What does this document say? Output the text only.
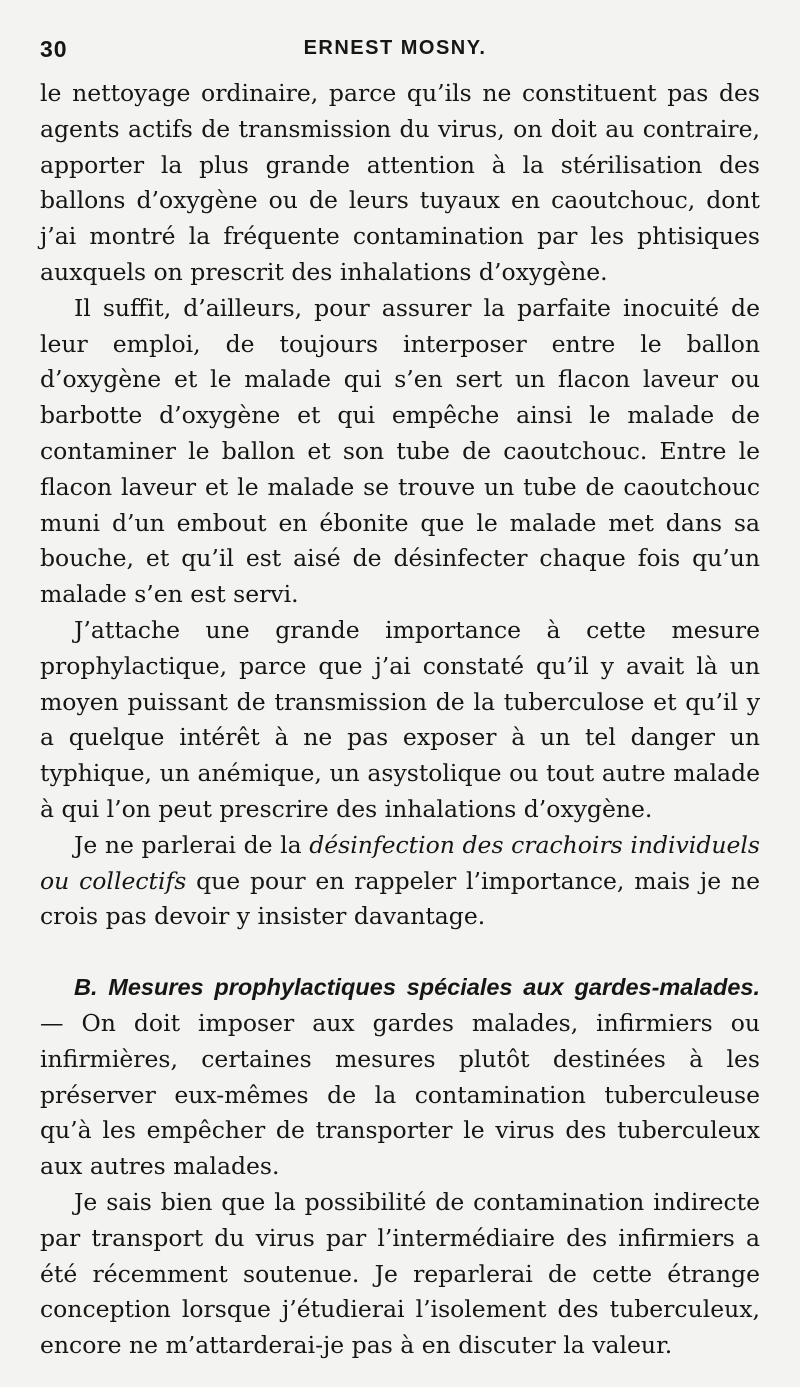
30	ERNEST MOSNY.

le nettoyage ordinaire, parce qu’ils ne constituent pas des agents actifs de transmission du virus, on doit au contraire, apporter la plus grande attention à la stérilisation des ballons d’oxygène ou de leurs tuyaux en caoutchouc, dont j’ai montré la fréquente contamination par les phtisiques auxquels on prescrit des inhalations d’oxygène.

Il suffit, d’ailleurs, pour assurer la parfaite inocuité de leur emploi, de toujours interposer entre le ballon d’oxygène et le malade qui s’en sert un flacon laveur ou barbotte d’oxygène et qui empêche ainsi le malade de contaminer le ballon et son tube de caoutchouc. Entre le flacon laveur et le malade se trouve un tube de caoutchouc muni d’un embout en ébonite que le malade met dans sa bouche, et qu’il est aisé de désinfecter chaque fois qu’un malade s’en est servi.

J’attache une grande importance à cette mesure prophylactique, parce que j’ai constaté qu’il y avait là un moyen puissant de transmission de la tuberculose et qu’il y a quelque intérêt à ne pas exposer à un tel danger un typhique, un anémique, un asystolique ou tout autre malade à qui l’on peut prescrire des inhalations d’oxygène.

Je ne parlerai de la désinfection des crachoirs individuels ou collectifs que pour en rappeler l’importance, mais je ne crois pas devoir y insister davantage.

B. Mesures prophylactiques spéciales aux gardes-malades. — On doit imposer aux gardes malades, infirmiers ou infirmières, certaines mesures plutôt destinées à les préserver eux-mêmes de la contamination tuberculeuse qu’à les empêcher de transporter le virus des tuberculeux aux autres malades.

Je sais bien que la possibilité de contamination indirecte par transport du virus par l’intermédiaire des infirmiers a été récemment soutenue. Je reparlerai de cette étrange conception lorsque j’étudierai l’isolement des tuberculeux, encore ne m’attarderai-je pas à en discuter la valeur.
